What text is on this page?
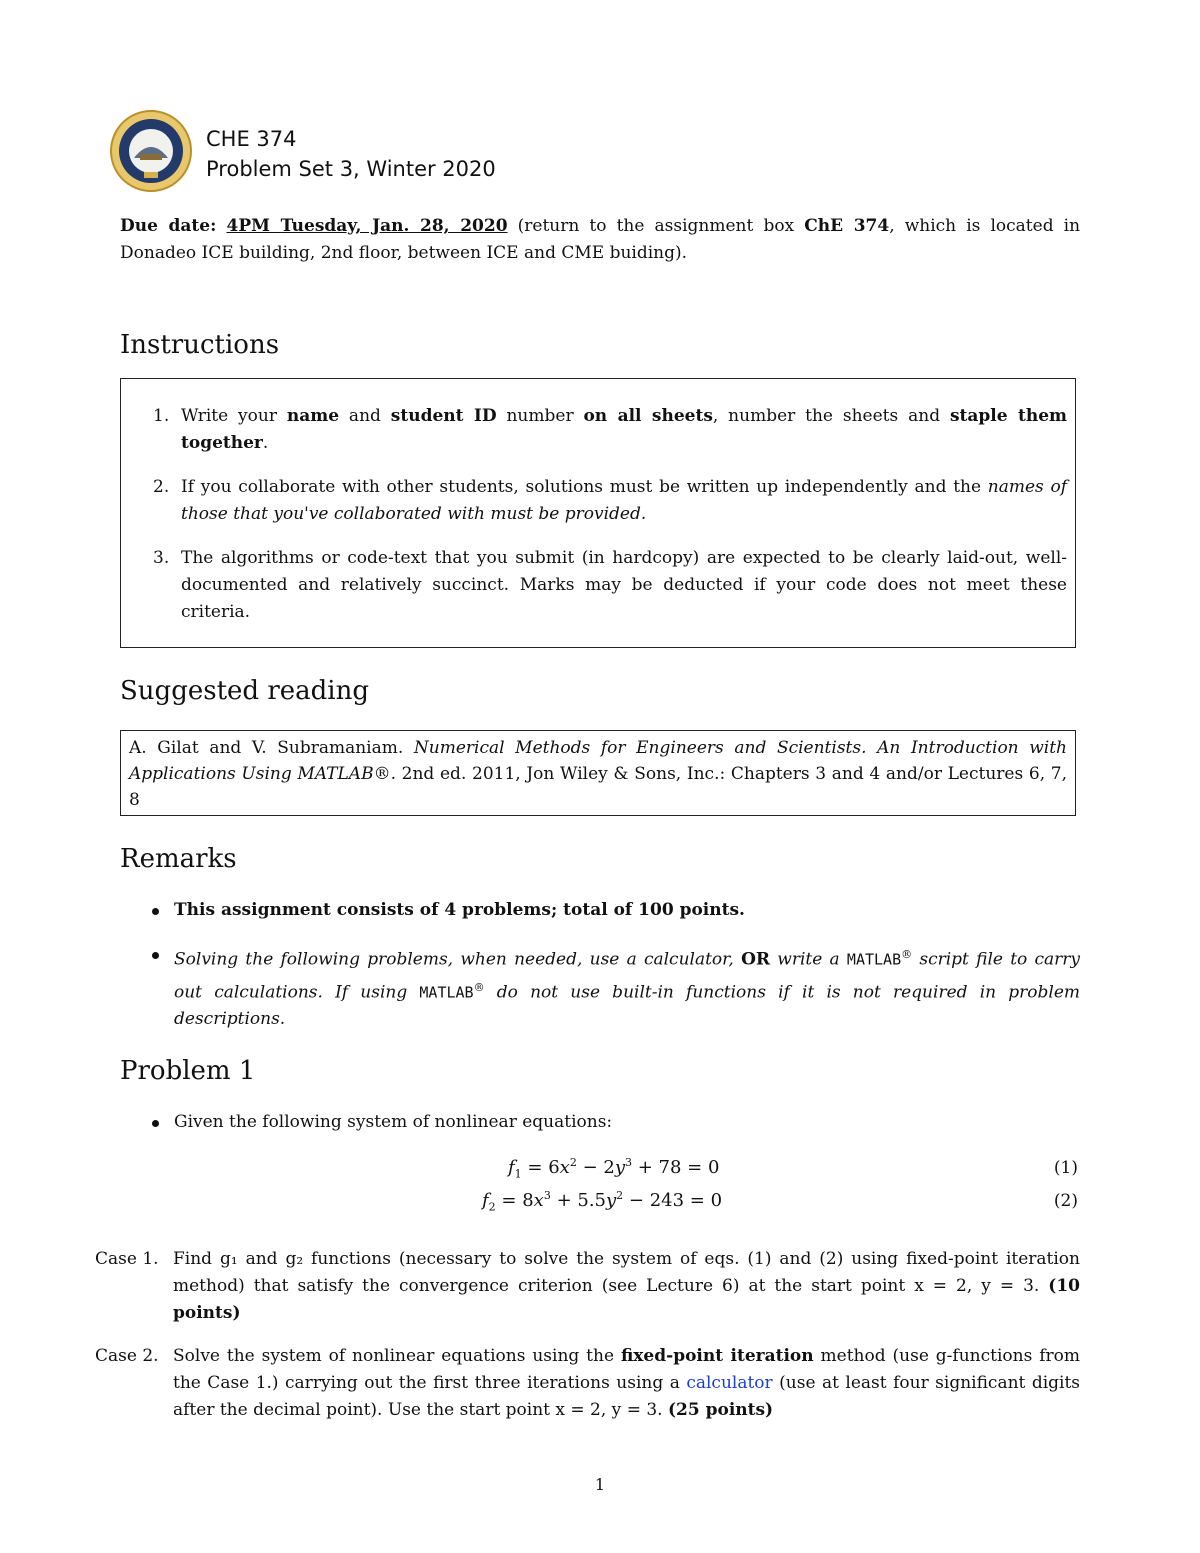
CHE 374
Problem Set 3, Winter 2020
Due date: 4PM Tuesday, Jan. 28, 2020 (return to the assignment box ChE 374, which is located in Donadeo ICE building, 2nd floor, between ICE and CME buiding).
Instructions
1. Write your name and student ID number on all sheets, number the sheets and staple them together.
2. If you collaborate with other students, solutions must be written up independently and the names of those that you've collaborated with must be provided.
3. The algorithms or code-text that you submit (in hardcopy) are expected to be clearly laid-out, well-documented and relatively succinct. Marks may be deducted if your code does not meet these criteria.
Suggested reading
A. Gilat and V. Subramaniam. Numerical Methods for Engineers and Scientists. An Introduction with Applications Using MATLAB®. 2nd ed. 2011, Jon Wiley & Sons, Inc.: Chapters 3 and 4 and/or Lectures 6, 7, 8
Remarks
This assignment consists of 4 problems; total of 100 points.
Solving the following problems, when needed, use a calculator, OR write a MATLAB® script file to carry out calculations. If using MATLAB® do not use built-in functions if it is not required in problem descriptions.
Problem 1
Given the following system of nonlinear equations:
$f_1 = 6x^2 - 2y^3 + 78 = 0$	(1)
$f_2 = 8x^3 + 5.5y^2 - 243 = 0$	(2)
Case 1. Find g₁ and g₂ functions (necessary to solve the system of eqs. (1) and (2) using fixed-point iteration method) that satisfy the convergence criterion (see Lecture 6) at the start point x = 2, y = 3. (10 points)
Case 2. Solve the system of nonlinear equations using the fixed-point iteration method (use g-functions from the Case 1.) carrying out the first three iterations using a calculator (use at least four significant digits after the decimal point). Use the start point x = 2, y = 3. (25 points)
1
